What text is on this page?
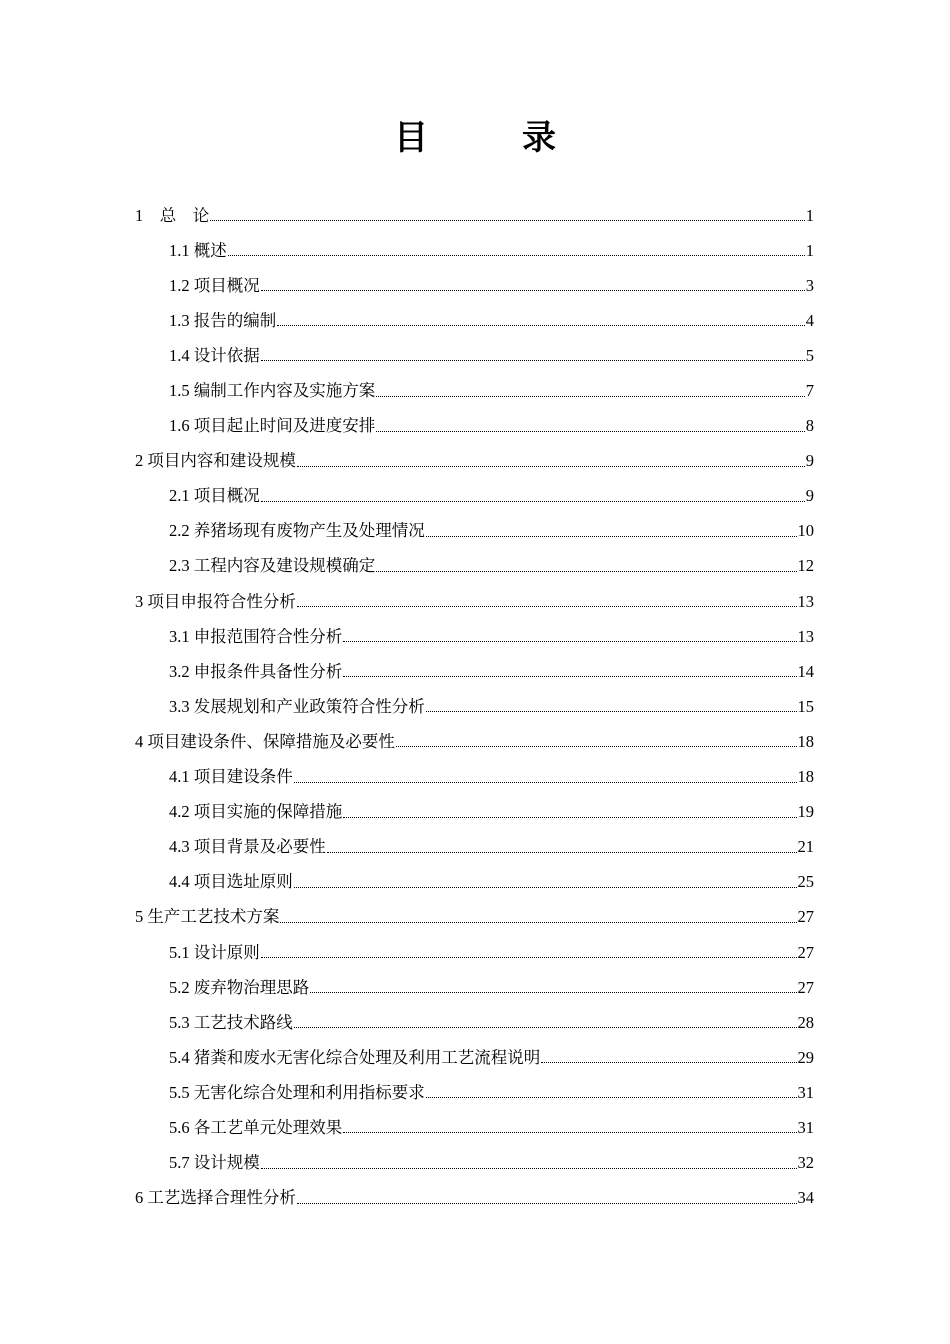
目　录
1　总　论	1
1.1 概述	1
1.2 项目概况	3
1.3 报告的编制	4
1.4 设计依据	5
1.5 编制工作内容及实施方案	7
1.6 项目起止时间及进度安排	8
2 项目内容和建设规模	9
2.1 项目概况	9
2.2 养猪场现有废物产生及处理情况	10
2.3 工程内容及建设规模确定	12
3 项目申报符合性分析	13
3.1 申报范围符合性分析	13
3.2 申报条件具备性分析	14
3.3 发展规划和产业政策符合性分析	15
4 项目建设条件、保障措施及必要性	18
4.1 项目建设条件	18
4.2 项目实施的保障措施	19
4.3 项目背景及必要性	21
4.4 项目选址原则	25
5 生产工艺技术方案	27
5.1 设计原则	27
5.2 废弃物治理思路	27
5.3 工艺技术路线	28
5.4 猪粪和废水无害化综合处理及利用工艺流程说明	29
5.5 无害化综合处理和利用指标要求	31
5.6 各工艺单元处理效果	31
5.7 设计规模	32
6 工艺选择合理性分析	34
